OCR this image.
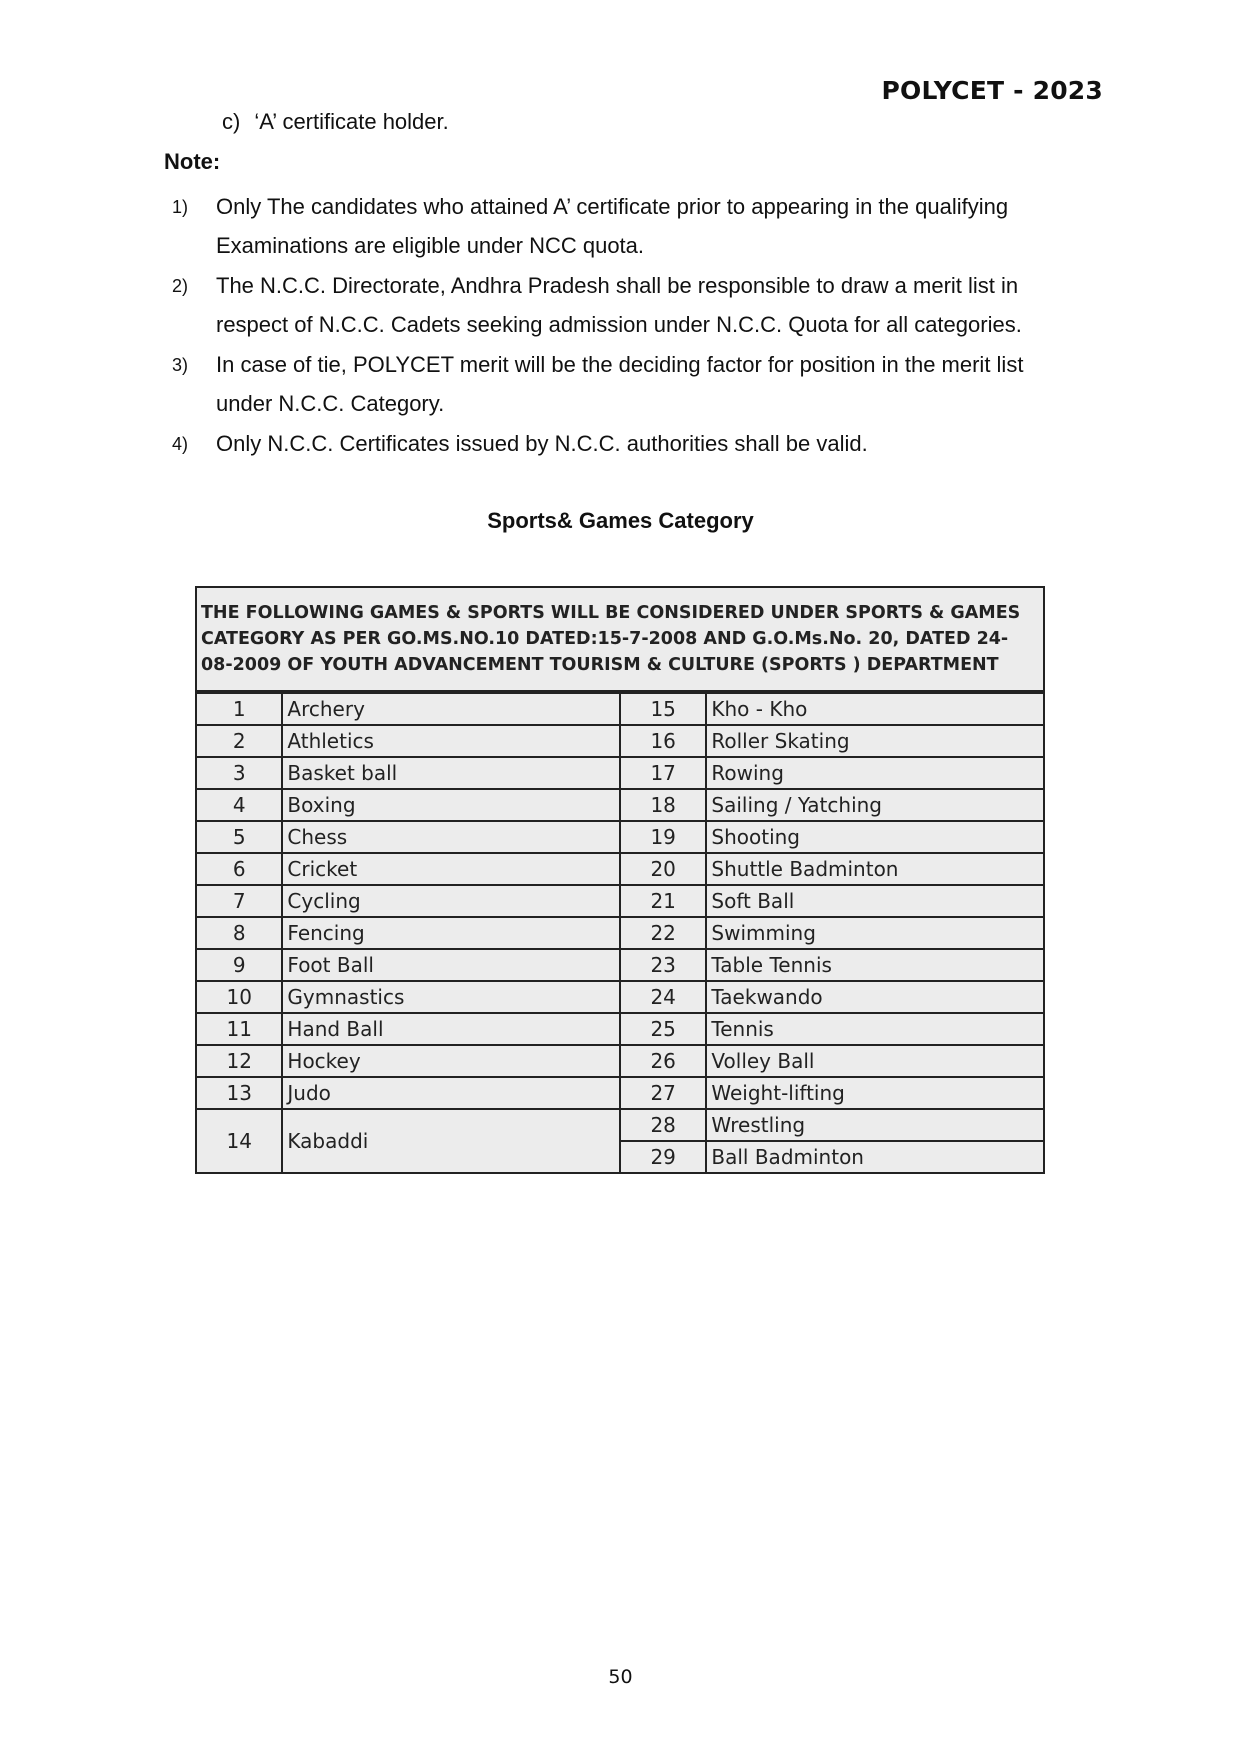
POLYCET - 2023
c) ‘A’ certificate holder.
Note:
1)	Only The candidates who attained A’ certificate prior to appearing in the qualifying Examinations are eligible under NCC quota.
2)	The N.C.C. Directorate, Andhra Pradesh shall be responsible to draw a merit list in respect of N.C.C. Cadets seeking admission under N.C.C. Quota for all categories.
3)	In case of tie, POLYCET merit will be the deciding factor for position in the merit list under N.C.C. Category.
4)	Only N.C.C. Certificates issued by N.C.C. authorities shall be valid.
Sports& Games Category
THE FOLLOWING GAMES & SPORTS WILL BE CONSIDERED UNDER SPORTS & GAMES CATEGORY AS PER GO.MS.NO.10 DATED:15-7-2008 AND G.O.Ms.No. 20, DATED 24-08-2009 OF YOUTH ADVANCEMENT TOURISM & CULTURE (SPORTS ) DEPARTMENT			
1	Archery	15	Kho - Kho
2	Athletics	16	Roller Skating
3	Basket ball	17	Rowing
4	Boxing	18	Sailing / Yatching
5	Chess	19	Shooting
6	Cricket	20	Shuttle Badminton
7	Cycling	21	Soft Ball
8	Fencing	22	Swimming
9	Foot Ball	23	Table Tennis
10	Gymnastics	24	Taekwando
11	Hand Ball	25	Tennis
12	Hockey	26	Volley Ball
13	Judo	27	Weight-lifting
14	Kabaddi	28	Wrestling
		29	Ball Badminton
50
